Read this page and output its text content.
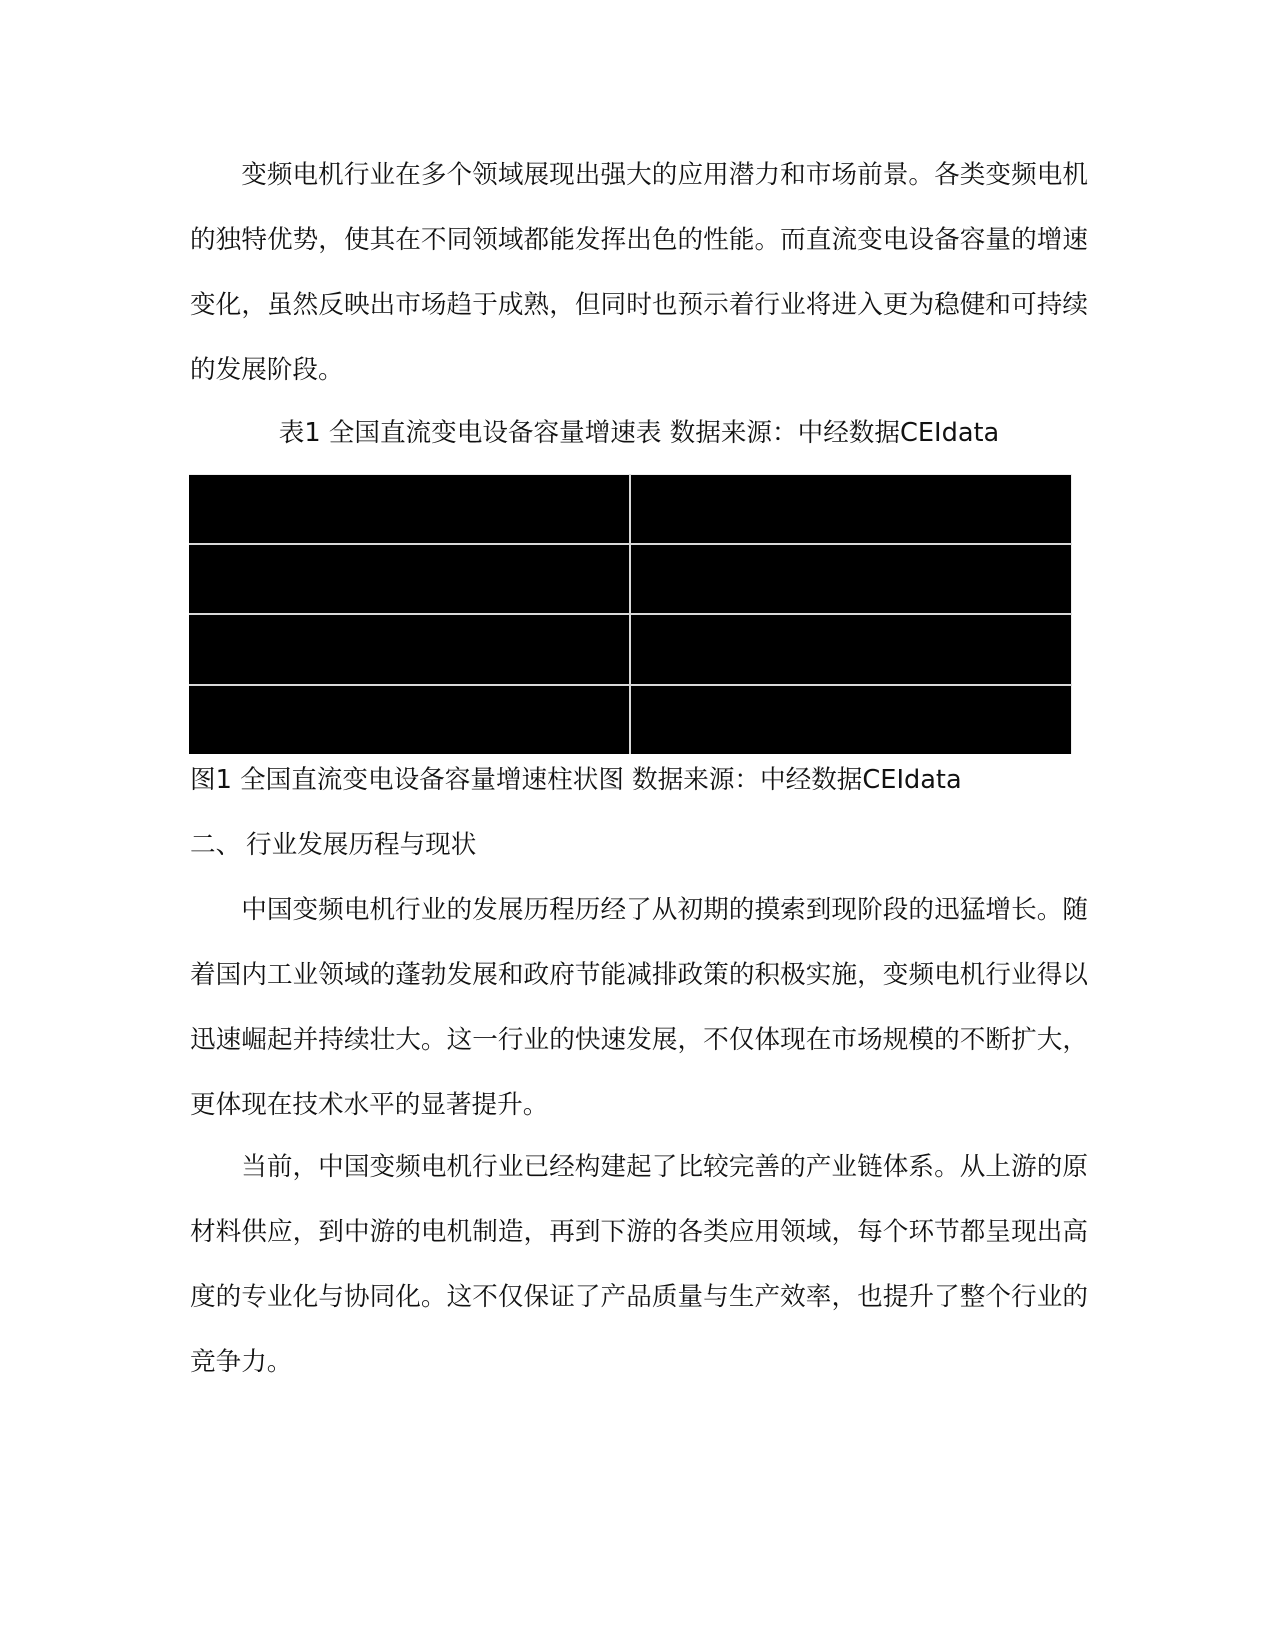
变频电机行业在多个领域展现出强大的应用潜力和市场前景。各类变频电机的独特优势，使其在不同领域都能发挥出色的性能。而直流变电设备容量的增速变化，虽然反映出市场趋于成熟，但同时也预示着行业将进入更为稳健和可持续的发展阶段。

表1 全国直流变电设备容量增速表 数据来源：中经数据CEIdata

图1 全国直流变电设备容量增速柱状图 数据来源：中经数据CEIdata
二、 行业发展历程与现状

中国变频电机行业的发展历程历经了从初期的摸索到现阶段的迅猛增长。随着国内工业领域的蓬勃发展和政府节能减排政策的积极实施，变频电机行业得以迅速崛起并持续壮大。这一行业的快速发展，不仅体现在市场规模的不断扩大，更体现在技术水平的显著提升。

当前，中国变频电机行业已经构建起了比较完善的产业链体系。从上游的原材料供应，到中游的电机制造，再到下游的各类应用领域，每个环节都呈现出高度的专业化与协同化。这不仅保证了产品质量与生产效率，也提升了整个行业的竞争力。
